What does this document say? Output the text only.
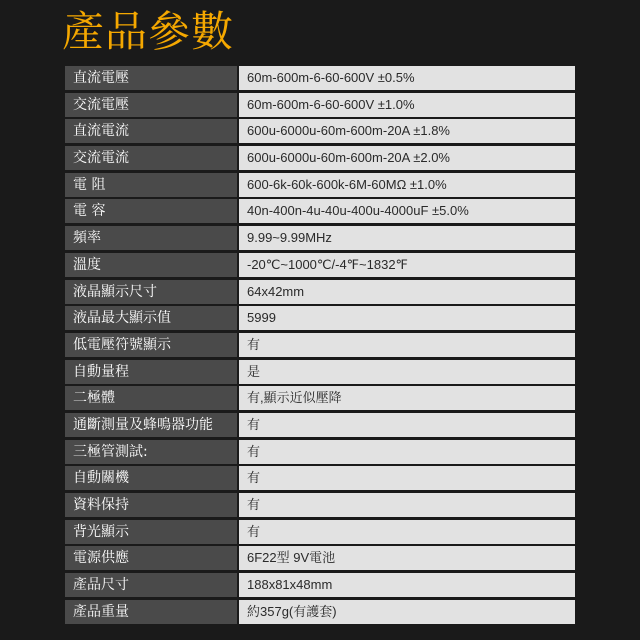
產品參數
直流電壓	60m-600m-6-60-600V ±0.5%
交流電壓	60m-600m-6-60-600V ±1.0%
直流電流	600u-6000u-60m-600m-20A ±1.8%
交流電流	600u-6000u-60m-600m-20A ±2.0%
電 阻	600-6k-60k-600k-6M-60MΩ ±1.0%
電 容	40n-400n-4u-40u-400u-4000uF ±5.0%
頻率	9.99~9.99MHz
溫度	-20℃~1000℃/-4℉~1832℉
液晶顯示尺寸	64x42mm
液晶最大顯示值	5999
低電壓符號顯示	有
自動量程	是
二極體	有,顯示近似壓降
通斷測量及蜂鳴器功能	有
三極管測試:	有
自動關機	有
資料保持	有
背光顯示	有
電源供應	6F22型 9V電池
產品尺寸	188x81x48mm
產品重量	約357g(有護套)
